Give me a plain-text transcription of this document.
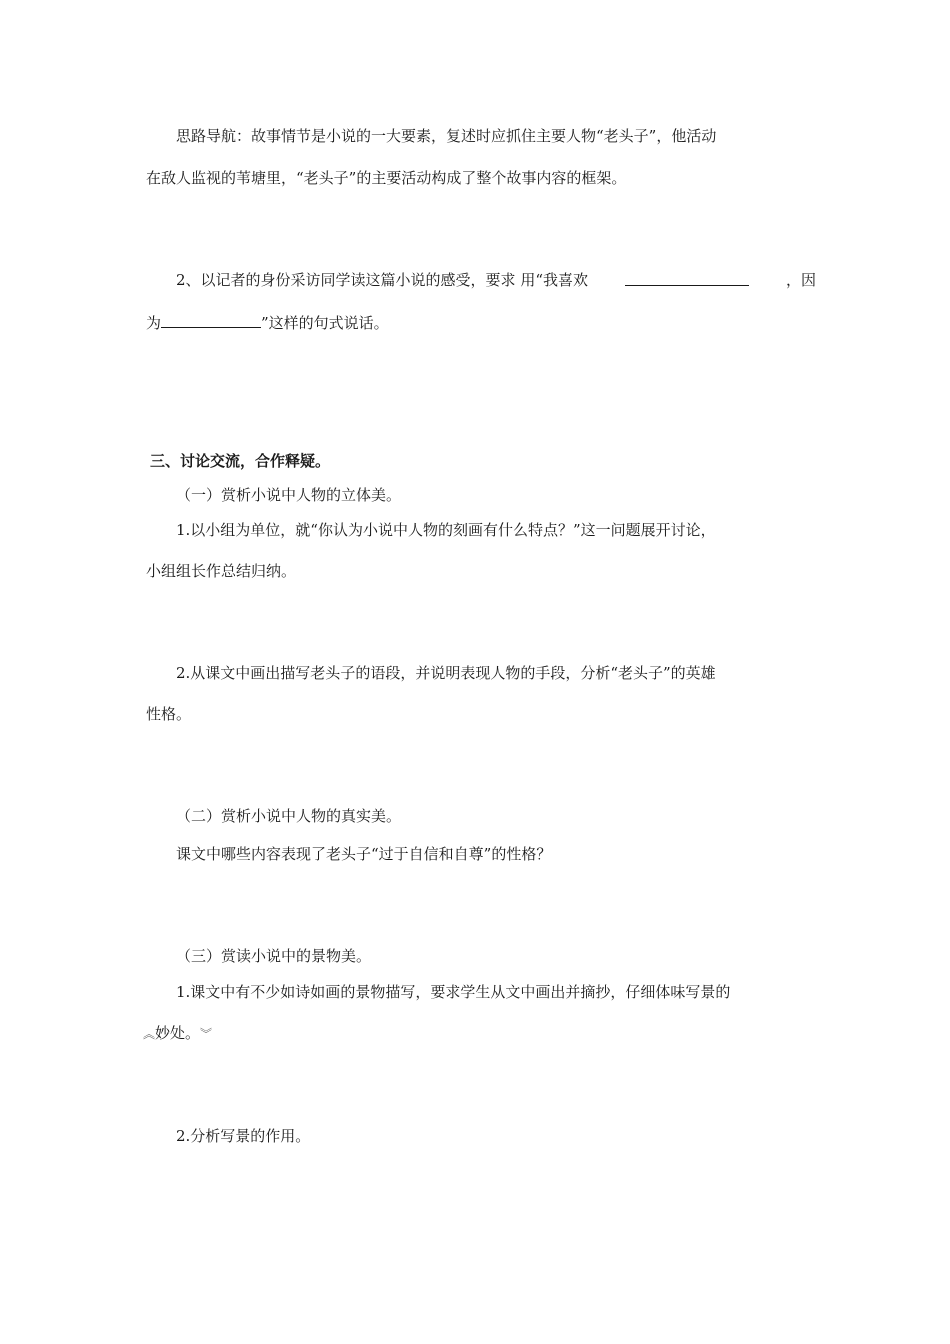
思路导航：故事情节是小说的一大要素，复述时应抓住主要人物“老头子”，他活动
在敌人监视的苇塘里，“老头子”的主要活动构成了整个故事内容的框架。
2、以记者的身份采访同学读这篇小说的感受，要求 用“我喜欢	，因
为	”这样的句式说话。
三、讨论交流，合作释疑。
（一）赏析小说中人物的立体美。
1.以小组为单位，就“你认为小说中人物的刻画有什么特点？”这一问题展开讨论，
小组组长作总结归纳。
2.从课文中画出描写老头子的语段，并说明表现人物的手段，分析“老头子”的英雄
性格。
（二）赏析小说中人物的真实美。
课文中哪些内容表现了老头子“过于自信和自尊”的性格？
（三）赏读小说中的景物美。
1.课文中有不少如诗如画的景物描写，要求学生从文中画出并摘抄，仔细体味写景的
︽妙处。︾
2.分析写景的作用。
